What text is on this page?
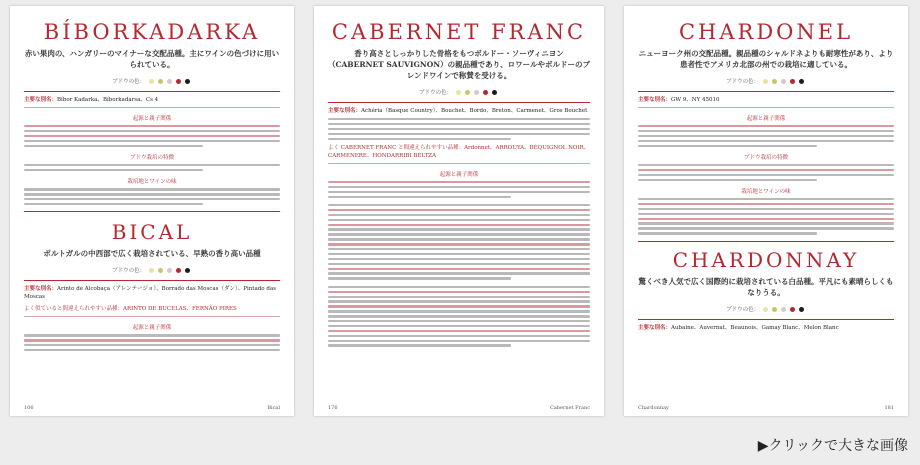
BÍBORKADARKA
赤い果肉の、ハンガリーのマイナーな交配品種。主にワインの色づけに用いられている。
ブドウの色：
主要な別名：Bíbor Kadarka、Bíborkadarsa、Cs 4
起源と親子関係
ブドウ栽培の特徴
栽培地とワインの味
BICAL
ポルトガルの中西部で広く栽培されている、早熟の香り高い品種
ブドウの色：
主要な別名：Arinto de Alcobaça（アレンテージョ）、Borrado das Moscas（ダン）、Pintado das Moscas
よく似ていると間違えられやすい品種：ARINTO DE BUCELAS、FERNÃO PIRES
起源と親子関係
106	Bical
CABERNET FRANC
香り高さとしっかりした骨格をもつボルドー・ソーヴィニヨン（CABERNET SAUVIGNON）の親品種であり、ロワールやボルドーのブレンドワインで称賛を受ける。
ブドウの色：
主要な別名：Achéria（Basque Country）、Bouchet、Bordo、Breton、Carmenet、Gros Bouchet
よく CABERNET FRANC と間違えられやすい品種：Ardonnet、ARROUYA、BÉQUIGNOL NOIR、CARMENERE、HONDARRIBI BELTZA
起源と親子関係
176	Cabernet Franc
CHARDONEL
ニューヨーク州の交配品種。親品種のシャルドネよりも耐寒性があり、より患者性でアメリカ北部の州での栽培に適している。
ブドウの色：
主要な別名：GW 9、NY 45010
起源と親子関係
ブドウ栽培の特徴
栽培地とワインの味
CHARDONNAY
驚くべき人気で広く国際的に栽培されている白品種。平凡にも素晴らしくもなりうる。
ブドウの色：
主要な別名：Aubaine、Auvernat、Beaunois、Gamay Blanc、Melon Blanc
Chardonnay	181
▶クリックで大きな画像
